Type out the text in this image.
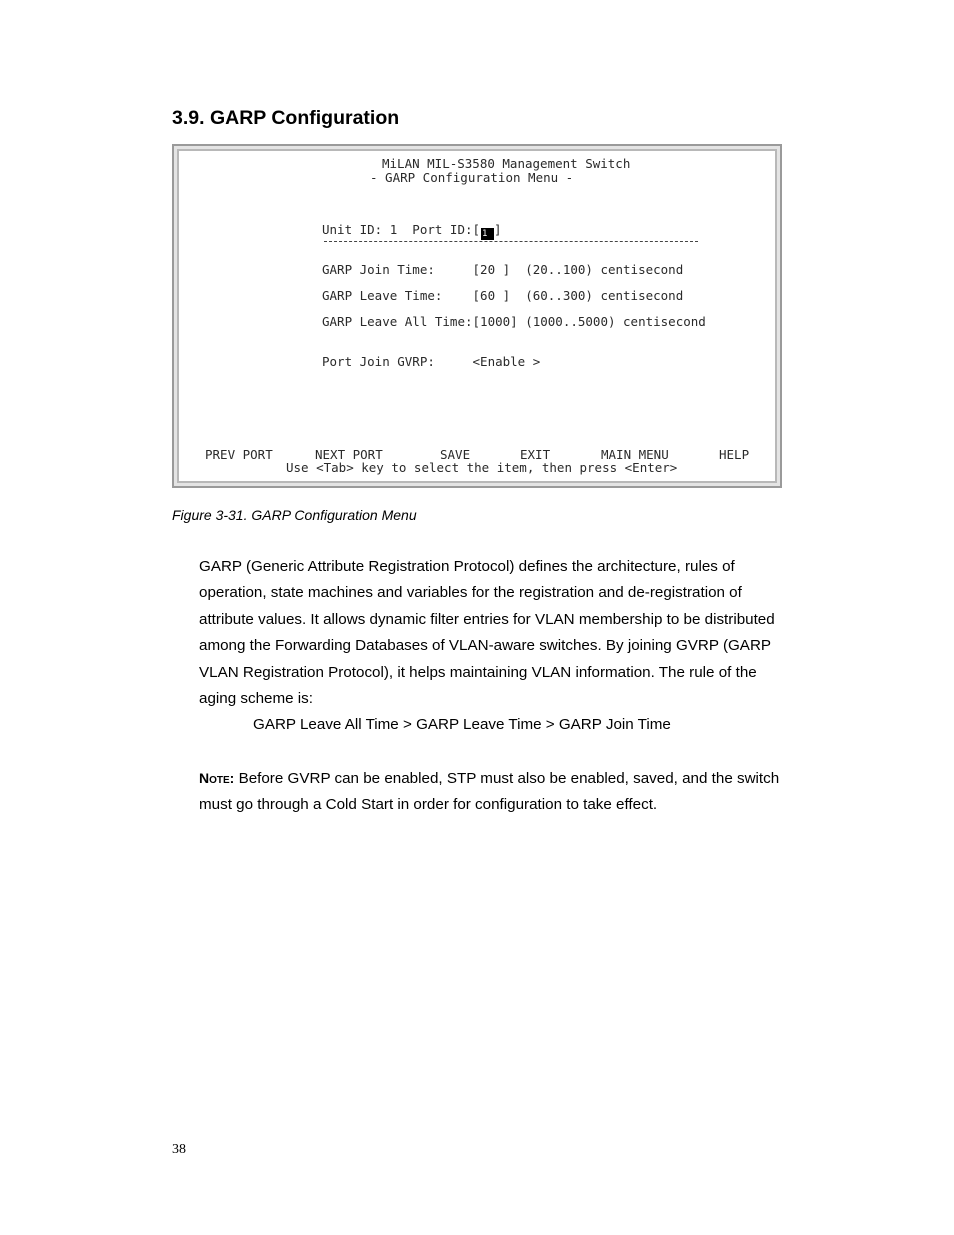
3.9. GARP Configuration
MiLAN MIL-S3580 Management Switch
- GARP Configuration Menu -
Unit ID: 1  Port ID:[ 1 ]
GARP Join Time:     [20 ]  (20..100) centisecond
GARP Leave Time:    [60 ]  (60..300) centisecond
GARP Leave All Time:[1000] (1000..5000) centisecond
Port Join GVRP:     <Enable >
PREV PORT	NEXT PORT	SAVE	EXIT	MAIN MENU	HELP
Use <Tab> key to select the item, then press <Enter>

Figure 3-31. GARP Configuration Menu

GARP (Generic Attribute Registration Protocol) defines the architecture, rules of operation, state machines and variables for the registration and de-registration of attribute values. It allows dynamic filter entries for VLAN membership to be distributed among the Forwarding Databases of VLAN-aware switches. By joining GVRP (GARP VLAN Registration Protocol), it helps maintaining VLAN information. The rule of the aging scheme is:

GARP Leave All Time > GARP Leave Time > GARP Join Time

Note: Before GVRP can be enabled, STP must also be enabled, saved, and the switch must go through a Cold Start in order for configuration to take effect.

38
